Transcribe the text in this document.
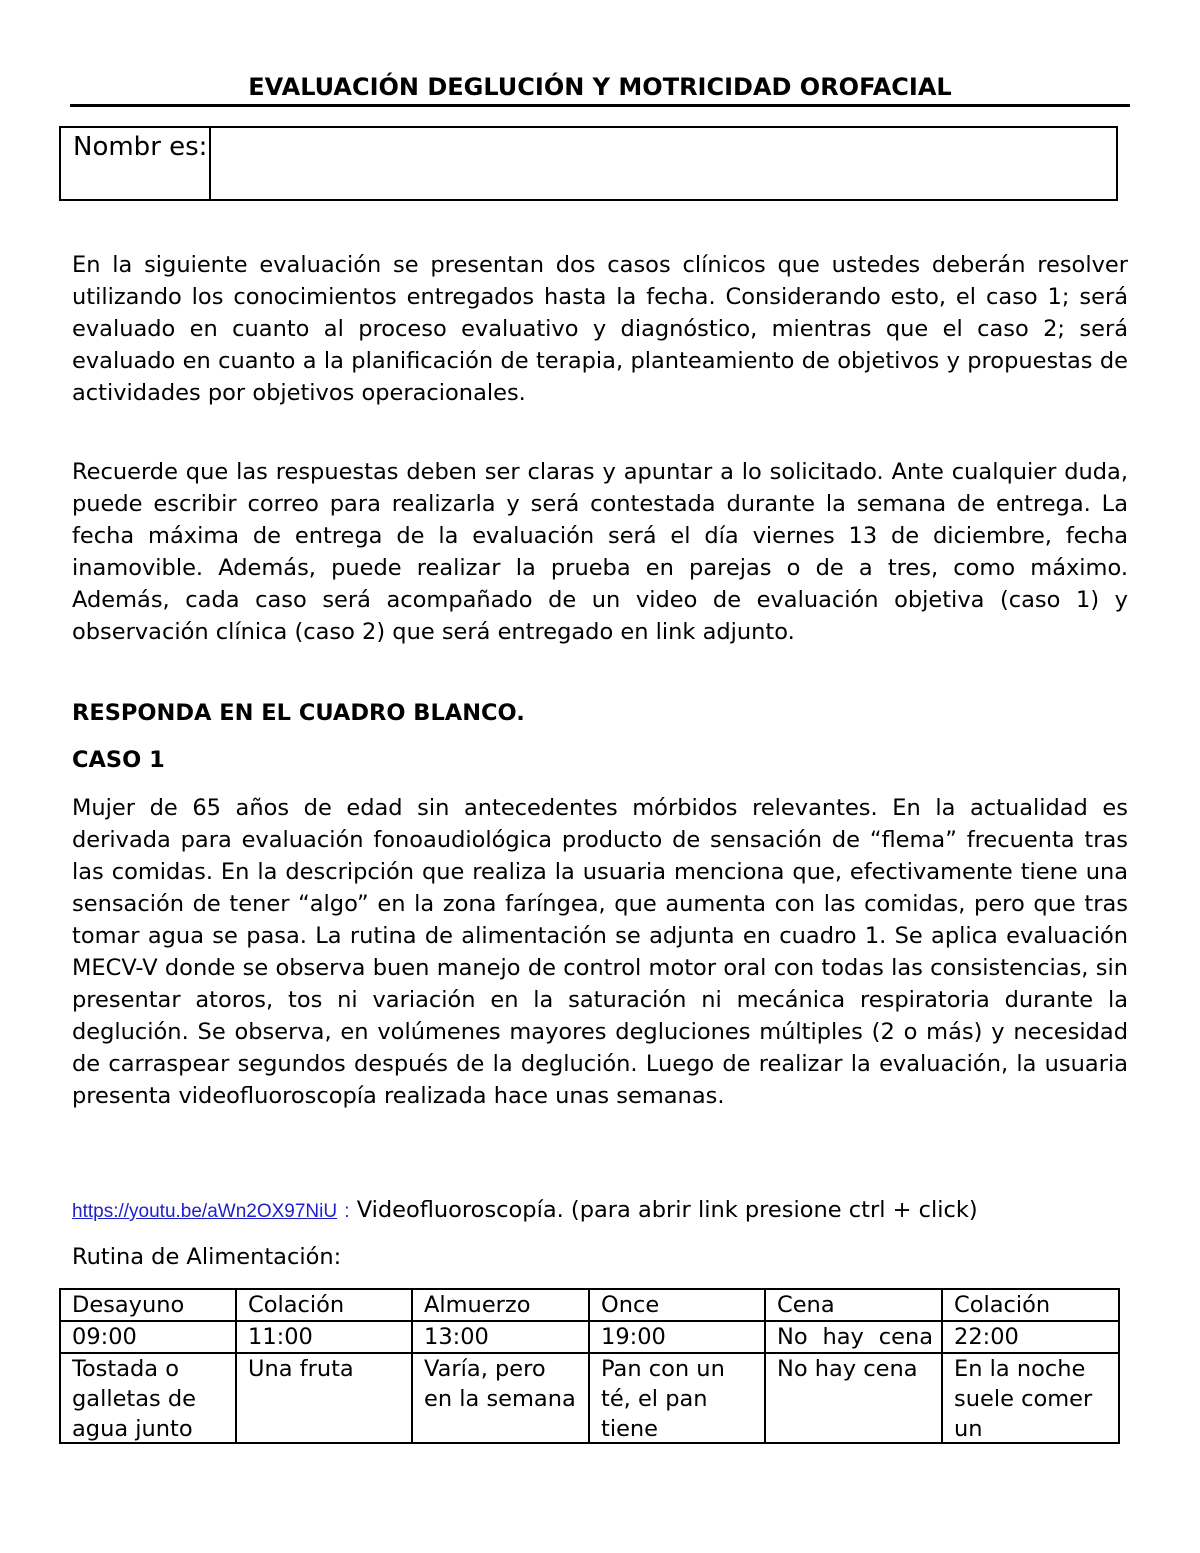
EVALUACIÓN DEGLUCIÓN Y MOTRICIDAD OROFACIAL
Nombr es:	

En la siguiente evaluación se presentan dos casos clínicos que ustedes deberán resolver utilizando los conocimientos entregados hasta la fecha. Considerando esto, el caso 1; será evaluado en cuanto al proceso evaluativo y diagnóstico, mientras que el caso 2; será evaluado en cuanto a la planificación de terapia, planteamiento de objetivos y propuestas de actividades por objetivos operacionales.

Recuerde que las respuestas deben ser claras y apuntar a lo solicitado. Ante cualquier duda, puede escribir correo para realizarla y será contestada durante la semana de entrega. La fecha máxima de entrega de la evaluación será el día viernes 13 de diciembre, fecha inamovible. Además, puede realizar la prueba en parejas o de a tres, como máximo. Además, cada caso será acompañado de un video de evaluación objetiva (caso 1) y observación clínica (caso 2) que será entregado en link adjunto.

RESPONDA EN EL CUADRO BLANCO.

CASO 1

Mujer de 65 años de edad sin antecedentes mórbidos relevantes. En la actualidad es derivada para evaluación fonoaudiológica producto de sensación de “flema” frecuenta tras las comidas. En la descripción que realiza la usuaria menciona que, efectivamente tiene una sensación de tener “algo” en la zona faríngea, que aumenta con las comidas, pero que tras tomar agua se pasa. La rutina de alimentación se adjunta en cuadro 1. Se aplica evaluación MECV-V donde se observa buen manejo de control motor oral con todas las consistencias, sin presentar atoros, tos ni variación en la saturación ni mecánica respiratoria durante la deglución. Se observa, en volúmenes mayores degluciones múltiples (2 o más) y necesidad de carraspear segundos después de la deglución. Luego de realizar la evaluación, la usuaria presenta videofluoroscopía realizada hace unas semanas.

https://youtu.be/aWn2OX97NiU : Videofluoroscopía. (para abrir link presione ctrl + click)

Rutina de Alimentación:

Desayuno	Colación	Almuerzo	Once	Cena	Colación
09:00	11:00	13:00	19:00	No hay cena	22:00

Tostada o galletas de agua junto	Una fruta	Varía, pero en la semana	Pan con un té, el pan tiene	No hay cena	En la noche suele comer un
